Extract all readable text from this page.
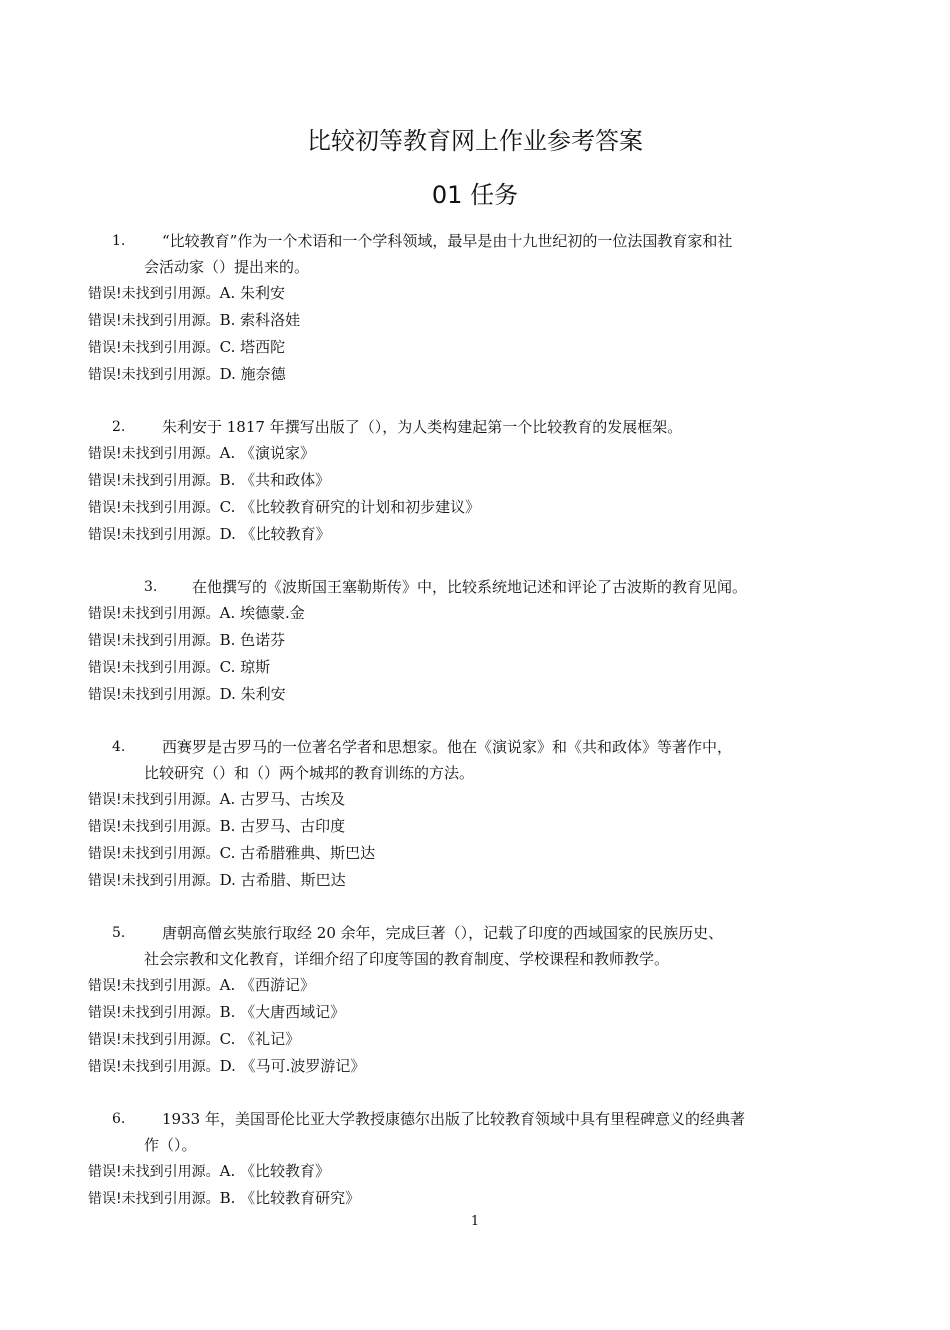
比较初等教育网上作业参考答案
01 任务
1.	“比较教育”作为一个术语和一个学科领域，最早是由十九世纪初的一位法国教育家和社
会活动家（）提出来的。
错误!未找到引用源。A. 朱利安
错误!未找到引用源。B. 索科洛娃
错误!未找到引用源。C. 塔西陀
错误!未找到引用源。D. 施奈德
2.	朱利安于 1817 年撰写出版了（），为人类构建起第一个比较教育的发展框架。
错误!未找到引用源。A. 《演说家》
错误!未找到引用源。B. 《共和政体》
错误!未找到引用源。C. 《比较教育研究的计划和初步建议》
错误!未找到引用源。D. 《比较教育》
3. 在他撰写的《波斯国王塞勒斯传》中，比较系统地记述和评论了古波斯的教育见闻。
错误!未找到引用源。A. 埃德蒙.金
错误!未找到引用源。B. 色诺芬
错误!未找到引用源。C. 琼斯
错误!未找到引用源。D. 朱利安
4.	西赛罗是古罗马的一位著名学者和思想家。他在《演说家》和《共和政体》等著作中，
比较研究（）和（）两个城邦的教育训练的方法。
错误!未找到引用源。A. 古罗马、古埃及
错误!未找到引用源。B. 古罗马、古印度
错误!未找到引用源。C. 古希腊雅典、斯巴达
错误!未找到引用源。D. 古希腊、斯巴达
5.	唐朝高僧玄奘旅行取经 20 余年，完成巨著（），记载了印度的西域国家的民族历史、
社会宗教和文化教育，详细介绍了印度等国的教育制度、学校课程和教师教学。
错误!未找到引用源。A. 《西游记》
错误!未找到引用源。B. 《大唐西域记》
错误!未找到引用源。C. 《礼记》
错误!未找到引用源。D. 《马可.波罗游记》
6.	1933 年，美国哥伦比亚大学教授康德尔出版了比较教育领域中具有里程碑意义的经典著
作（）。
错误!未找到引用源。A. 《比较教育》
错误!未找到引用源。B. 《比较教育研究》
1
